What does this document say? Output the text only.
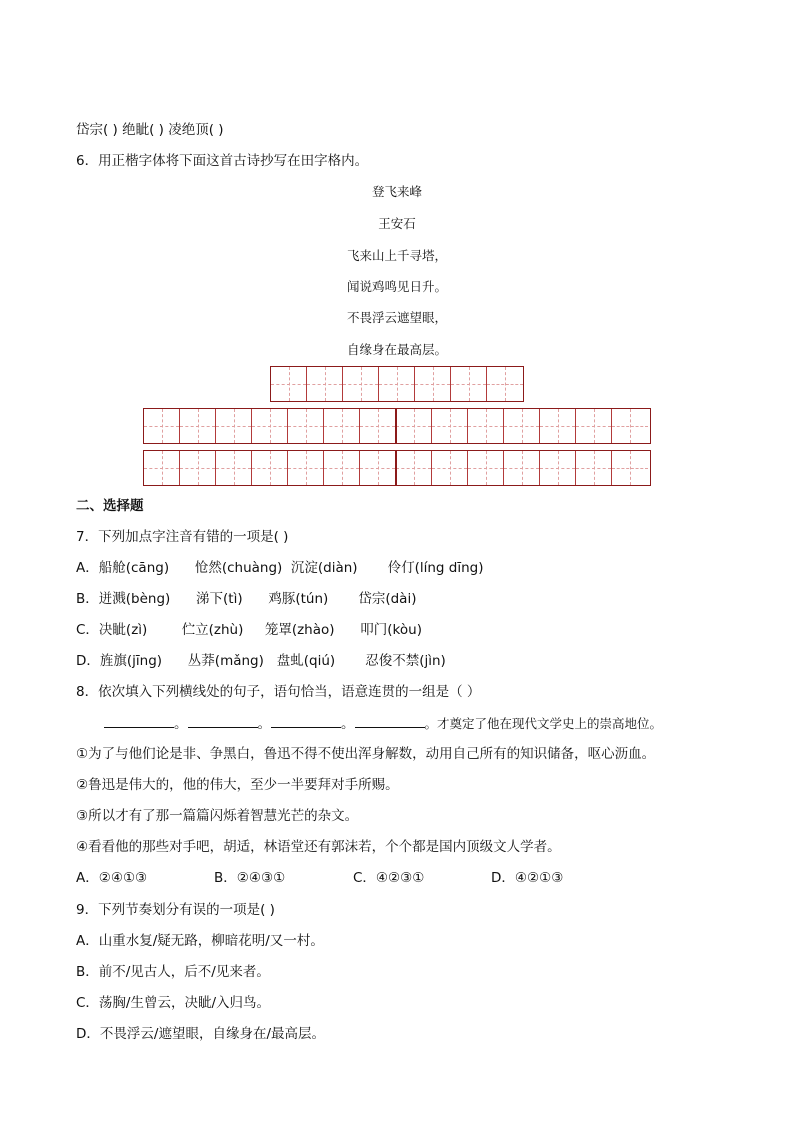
岱宗( ) 绝眦( ) 凌绝顶( )
6．用正楷字体将下面这首古诗抄写在田字格内。
登飞来峰
王安石
飞来山上千寻塔，
闻说鸡鸣见日升。
不畏浮云遮望眼，
自缘身在最高层。
二、选择题
7．下列加点字注音有错的一项是( )
A．船舱(cāng)      怆然(chuàng)  沉淀(diàn)       伶仃(líng dīng)
B．迸溅(bèng)      涕下(tì)      鸡豚(tún)       岱宗(dài)
C．决眦(zì)        伫立(zhù)     笼罩(zhào)      叩门(kòu)
D．旌旗(jīng)      丛莽(mǎng)   盘虬(qiú)       忍俊不禁(jìn)
8．依次填入下列横线处的句子，语句恰当，语意连贯的一组是（ ）
。	。	。	。才奠定了他在现代文学史上的崇高地位。
①为了与他们论是非、争黑白，鲁迅不得不使出浑身解数，动用自己所有的知识储备，呕心沥血。
②鲁迅是伟大的，他的伟大，至少一半要拜对手所赐。
③所以才有了那一篇篇闪烁着智慧光芒的杂文。
④看看他的那些对手吧，胡适，林语堂还有郭沫若，个个都是国内顶级文人学者。
A．②④①③	B．②④③①	C．④②③①	D．④②①③
9．下列节奏划分有误的一项是( )
A．山重水复/疑无路，柳暗花明/又一村。
B．前不/见古人，后不/见来者。
C．荡胸/生曾云，决眦/入归鸟。
D．不畏浮云/遮望眼，自缘身在/最高层。
